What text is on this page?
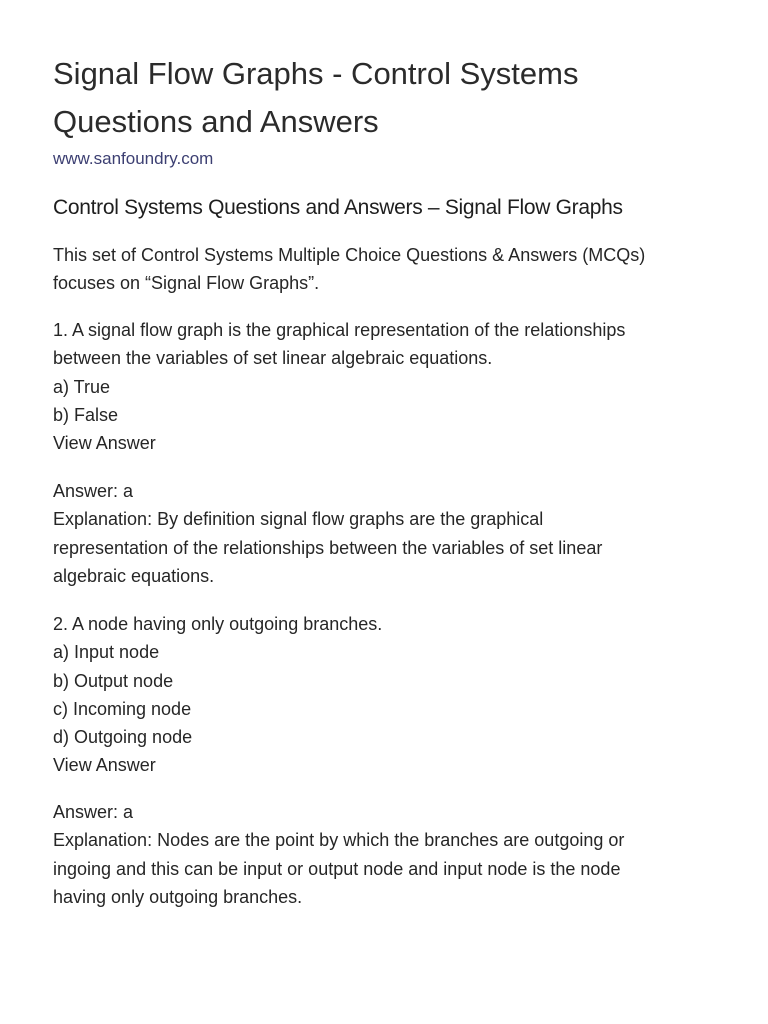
Signal Flow Graphs - Control Systems
Questions and Answers
www.sanfoundry.com
Control Systems Questions and Answers – Signal Flow Graphs
This set of Control Systems Multiple Choice Questions & Answers (MCQs)
focuses on “Signal Flow Graphs”.
1. A signal flow graph is the graphical representation of the relationships
between the variables of set linear algebraic equations.
a) True
b) False
View Answer
Answer: a
Explanation: By definition signal flow graphs are the graphical
representation of the relationships between the variables of set linear
algebraic equations.
2. A node having only outgoing branches.
a) Input node
b) Output node
c) Incoming node
d) Outgoing node
View Answer
Answer: a
Explanation: Nodes are the point by which the branches are outgoing or
ingoing and this can be input or output node and input node is the node
having only outgoing branches.
